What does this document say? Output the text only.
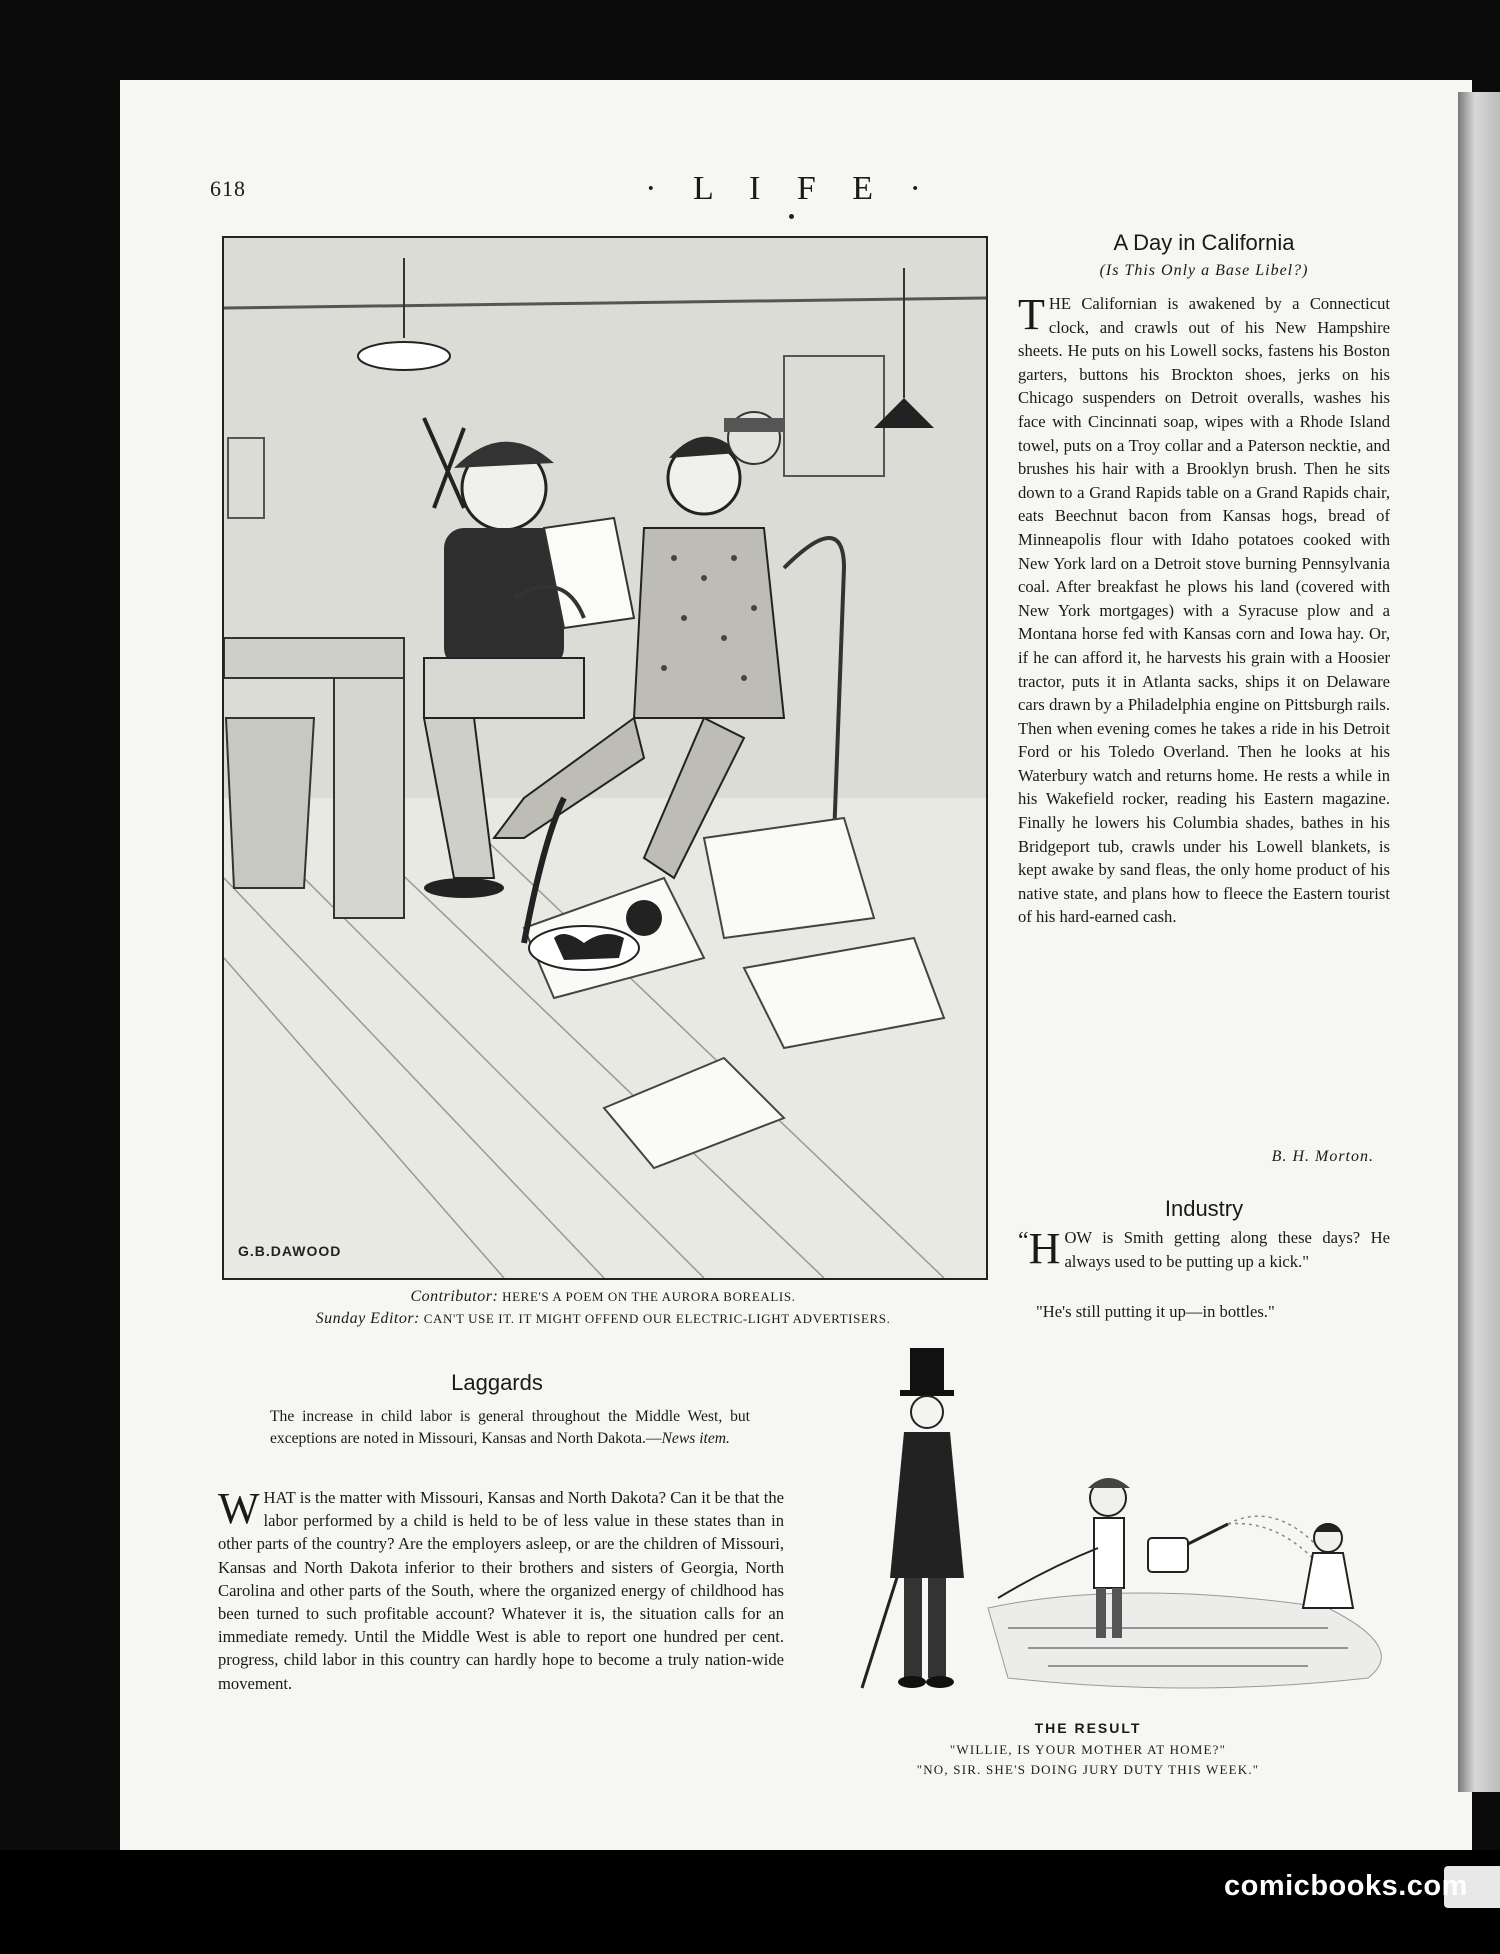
618	· L I F E ·
G.B.DAWOOD
Contributor: HERE'S A POEM ON THE AURORA BOREALIS.
Sunday Editor: CAN'T USE IT. IT MIGHT OFFEND OUR ELECTRIC-LIGHT ADVERTISERS.
A Day in California
(Is This Only a Base Libel?)
THE Californian is awakened by a Connecticut clock, and crawls out of his New Hampshire sheets. He puts on his Lowell socks, fastens his Boston garters, buttons his Brockton shoes, jerks on his Chicago suspenders on Detroit overalls, washes his face with Cincinnati soap, wipes with a Rhode Island towel, puts on a Troy collar and a Paterson necktie, and brushes his hair with a Brooklyn brush. Then he sits down to a Grand Rapids table on a Grand Rapids chair, eats Beechnut bacon from Kansas hogs, bread of Minneapolis flour with Idaho potatoes cooked with New York lard on a Detroit stove burning Pennsylvania coal. After breakfast he plows his land (covered with New York mortgages) with a Syracuse plow and a Montana horse fed with Kansas corn and Iowa hay. Or, if he can afford it, he harvests his grain with a Hoosier tractor, puts it in Atlanta sacks, ships it on Delaware cars drawn by a Philadelphia engine on Pittsburgh rails. Then when evening comes he takes a ride in his Detroit Ford or his Toledo Overland. Then he looks at his Waterbury watch and returns home. He rests a while in his Wakefield rocker, reading his Eastern magazine. Finally he lowers his Columbia shades, bathes in his Bridgeport tub, crawls under his Lowell blankets, is kept awake by sand fleas, the only home product of his native state, and plans how to fleece the Eastern tourist of his hard-earned cash.
B. H. Morton.
Industry
“ H OW is Smith getting along these days? He always used to be putting up a kick."
"He's still putting it up—in bottles."
Laggards
The increase in child labor is general throughout the Middle West, but exceptions are noted in Missouri, Kansas and North Dakota.—News item.
WHAT is the matter with Missouri, Kansas and North Dakota? Can it be that the labor performed by a child is held to be of less value in these states than in other parts of the country? Are the employers asleep, or are the children of Missouri, Kansas and North Dakota inferior to their brothers and sisters of Georgia, North Carolina and other parts of the South, where the organized energy of childhood has been turned to such profitable account? Whatever it is, the situation calls for an immediate remedy. Until the Middle West is able to report one hundred per cent. progress, child labor in this country can hardly hope to become a truly nation-wide movement.
THE RESULT
"WILLIE, IS YOUR MOTHER AT HOME?"
"NO, SIR. SHE'S DOING JURY DUTY THIS WEEK."
comicbooks.com
